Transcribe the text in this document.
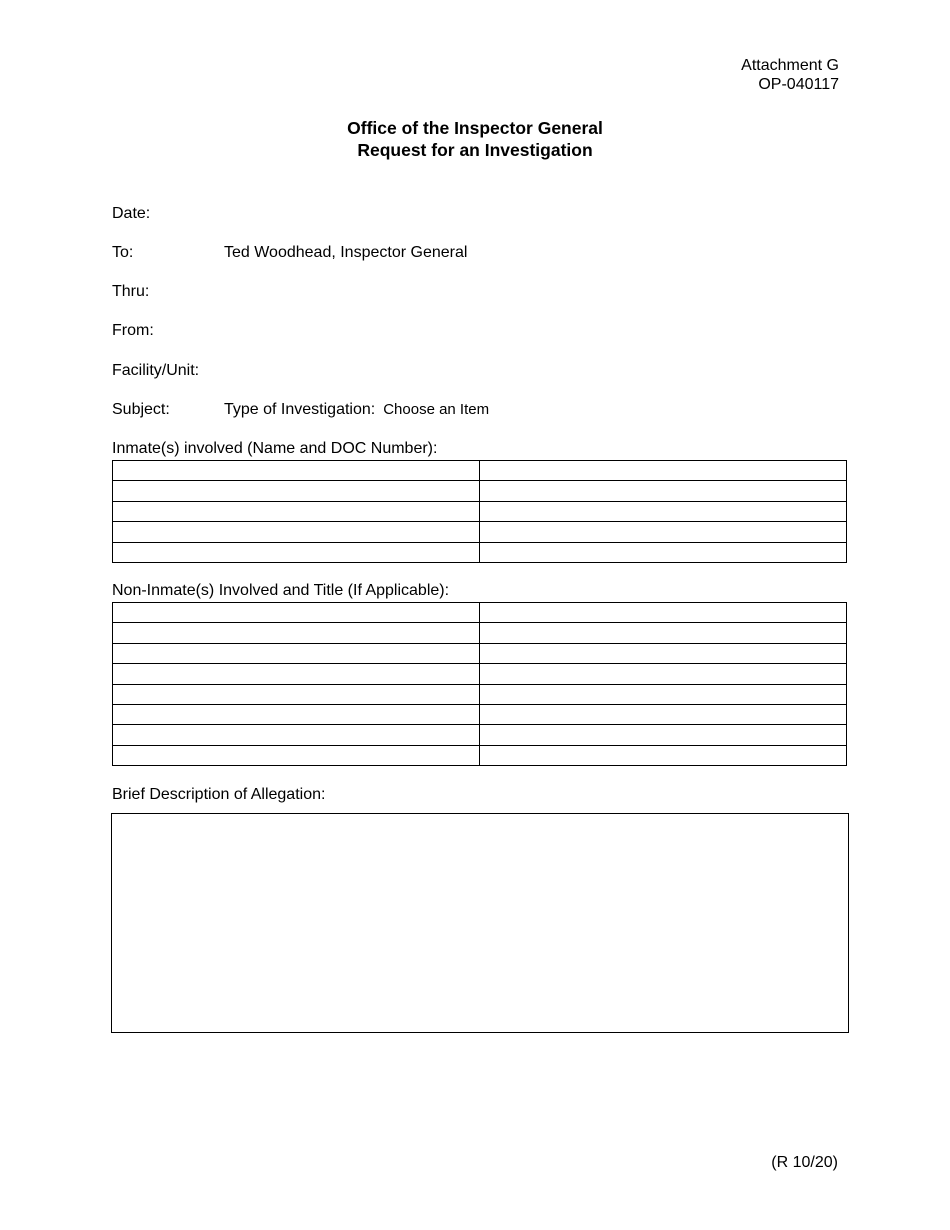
Attachment G
OP-040117
Office of the Inspector General
Request for an Investigation
Date:
To:	Ted Woodhead, Inspector General
Thru:
From:
Facility/Unit:
Subject:	Type of Investigation: Choose an Item
Inmate(s) involved (Name and DOC Number):

Non-Inmate(s) Involved and Title (If Applicable):

Brief Description of Allegation:
(R 10/20)
